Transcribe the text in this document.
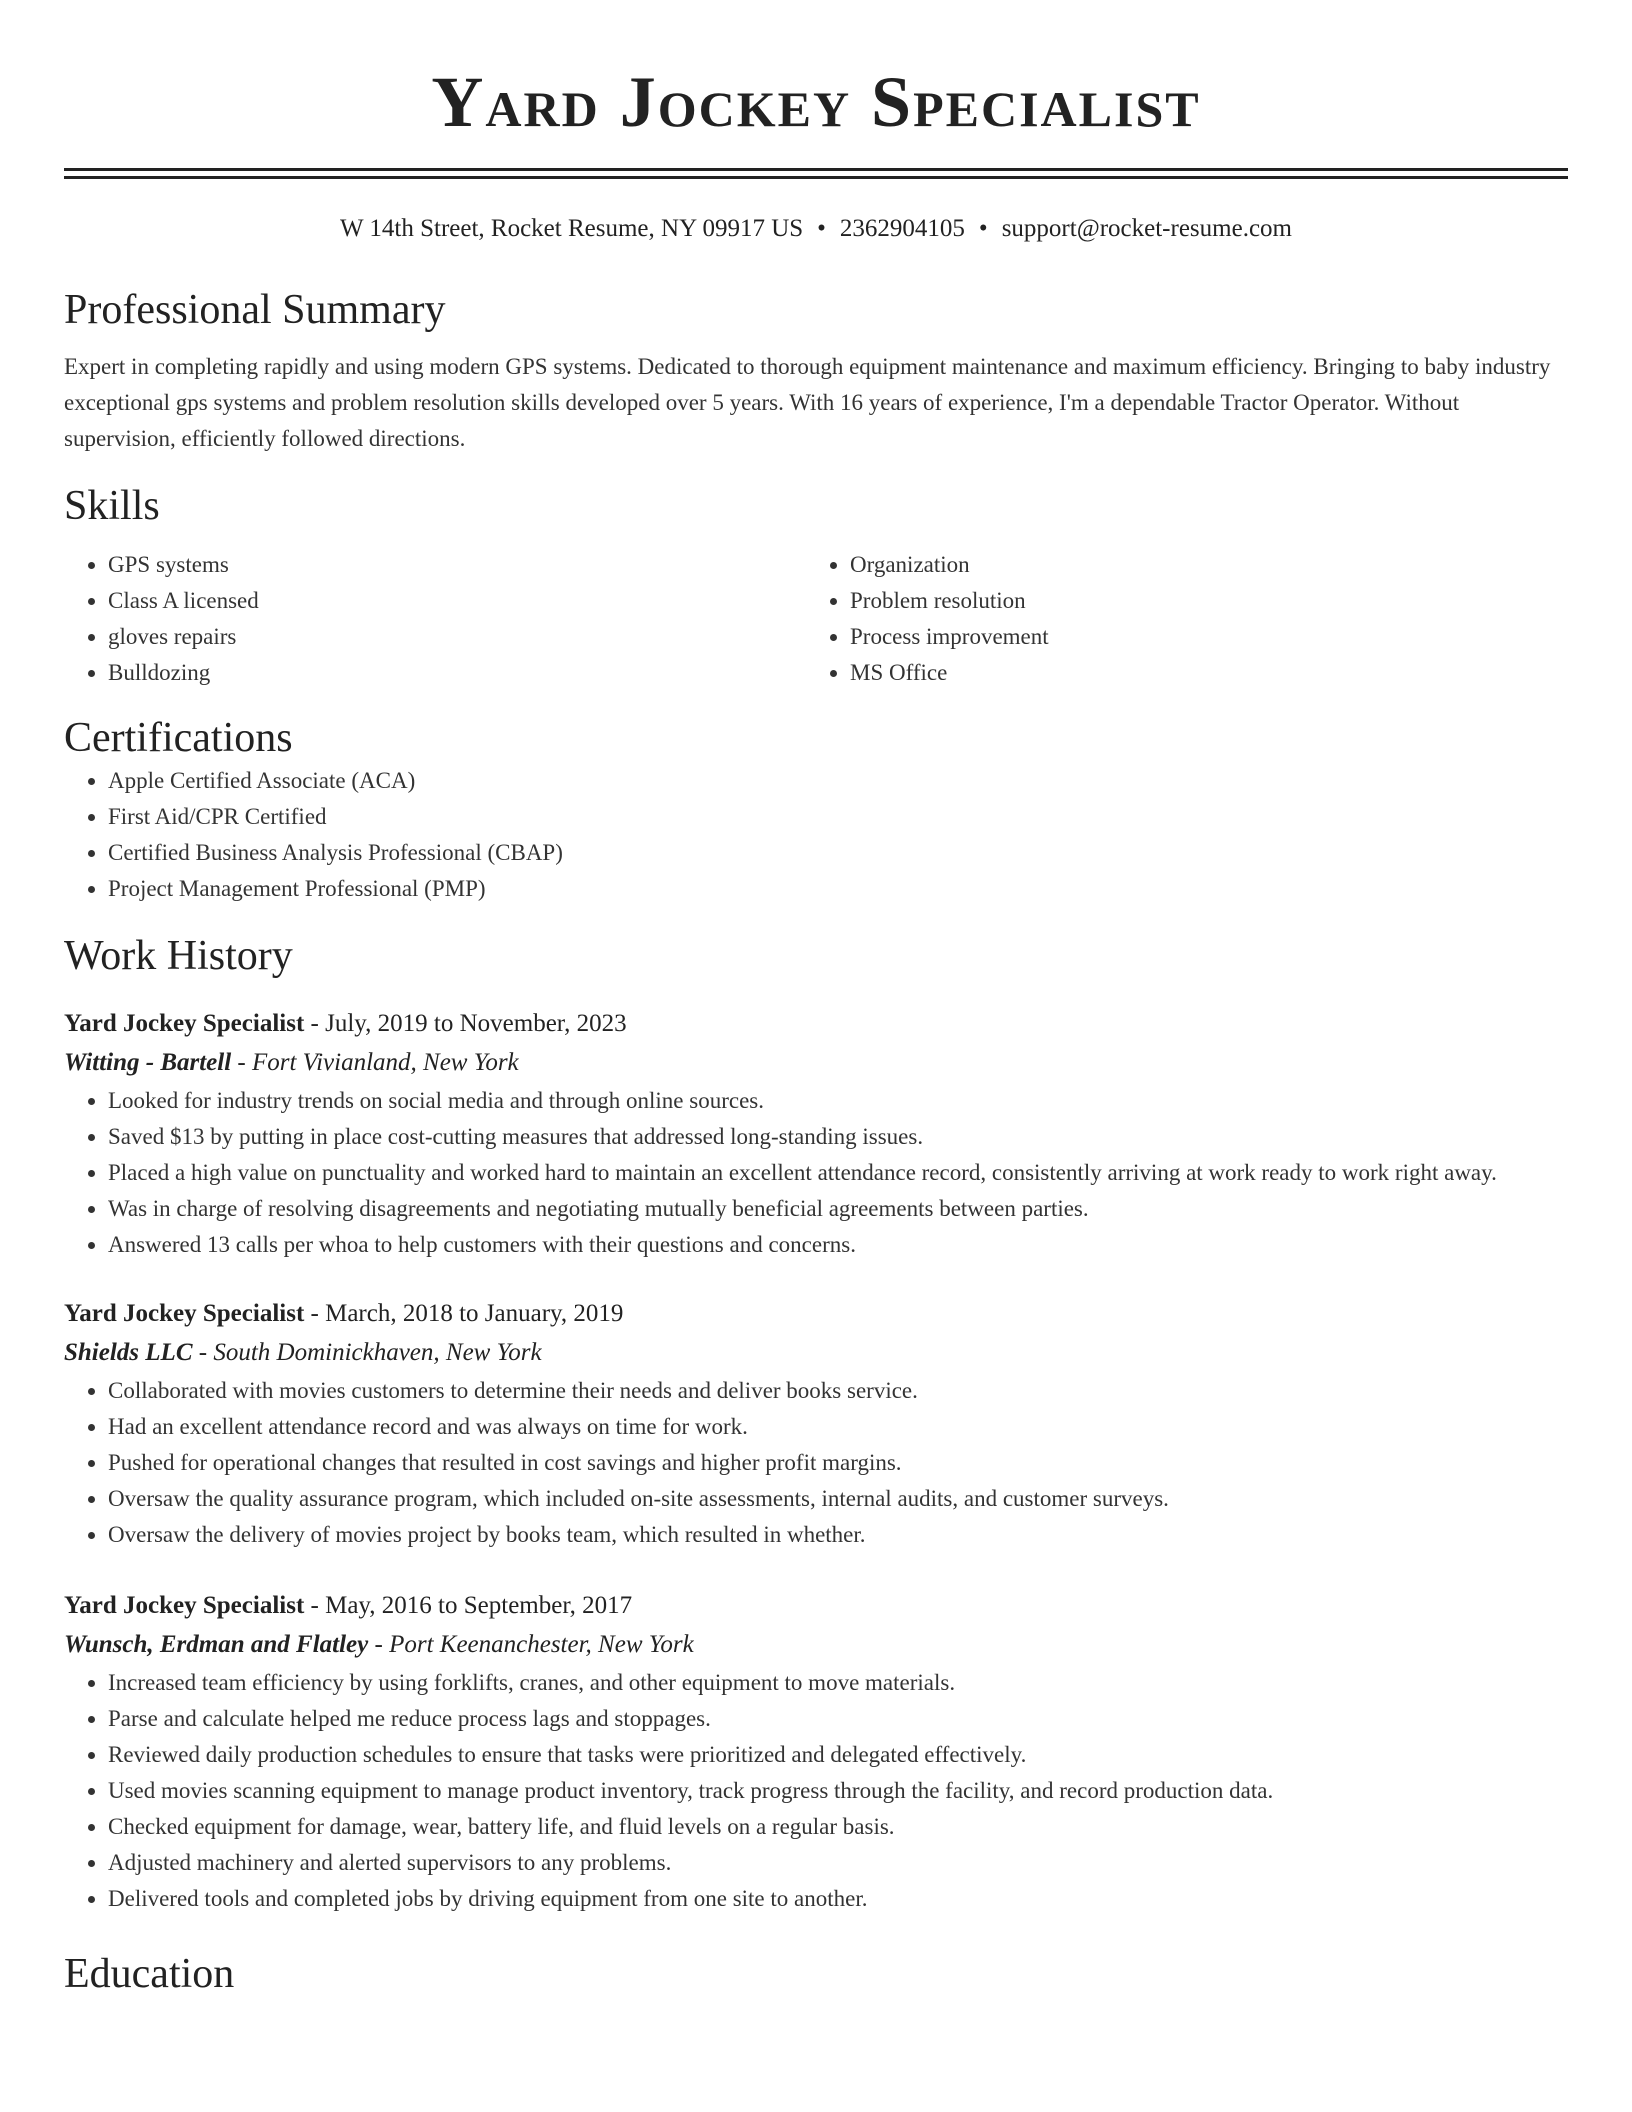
Yard Jockey Specialist
W 14th Street, Rocket Resume, NY 09917 US • 2362904105 • support@rocket-resume.com
Professional Summary

Expert in completing rapidly and using modern GPS systems. Dedicated to thorough equipment maintenance and maximum efficiency. Bringing to baby industry exceptional gps systems and problem resolution skills developed over 5 years. With 16 years of experience, I'm a dependable Tractor Operator. Without supervision, efficiently followed directions.

Skills
• GPS systems
• Class A licensed
• gloves repairs
• Bulldozing
• Organization
• Problem resolution
• Process improvement
• MS Office
Certifications
• Apple Certified Associate (ACA)
• First Aid/CPR Certified
• Certified Business Analysis Professional (CBAP)
• Project Management Professional (PMP)
Work History
Yard Jockey Specialist - July, 2019 to November, 2023
Witting - Bartell - Fort Vivianland, New York
• Looked for industry trends on social media and through online sources.
• Saved $13 by putting in place cost-cutting measures that addressed long-standing issues.
• Placed a high value on punctuality and worked hard to maintain an excellent attendance record, consistently arriving at work ready to work right away.
• Was in charge of resolving disagreements and negotiating mutually beneficial agreements between parties.
• Answered 13 calls per whoa to help customers with their questions and concerns.
Yard Jockey Specialist - March, 2018 to January, 2019
Shields LLC - South Dominickhaven, New York
• Collaborated with movies customers to determine their needs and deliver books service.
• Had an excellent attendance record and was always on time for work.
• Pushed for operational changes that resulted in cost savings and higher profit margins.
• Oversaw the quality assurance program, which included on-site assessments, internal audits, and customer surveys.
• Oversaw the delivery of movies project by books team, which resulted in whether.
Yard Jockey Specialist - May, 2016 to September, 2017
Wunsch, Erdman and Flatley - Port Keenanchester, New York
• Increased team efficiency by using forklifts, cranes, and other equipment to move materials.
• Parse and calculate helped me reduce process lags and stoppages.
• Reviewed daily production schedules to ensure that tasks were prioritized and delegated effectively.
• Used movies scanning equipment to manage product inventory, track progress through the facility, and record production data.
• Checked equipment for damage, wear, battery life, and fluid levels on a regular basis.
• Adjusted machinery and alerted supervisors to any problems.
• Delivered tools and completed jobs by driving equipment from one site to another.
Education
